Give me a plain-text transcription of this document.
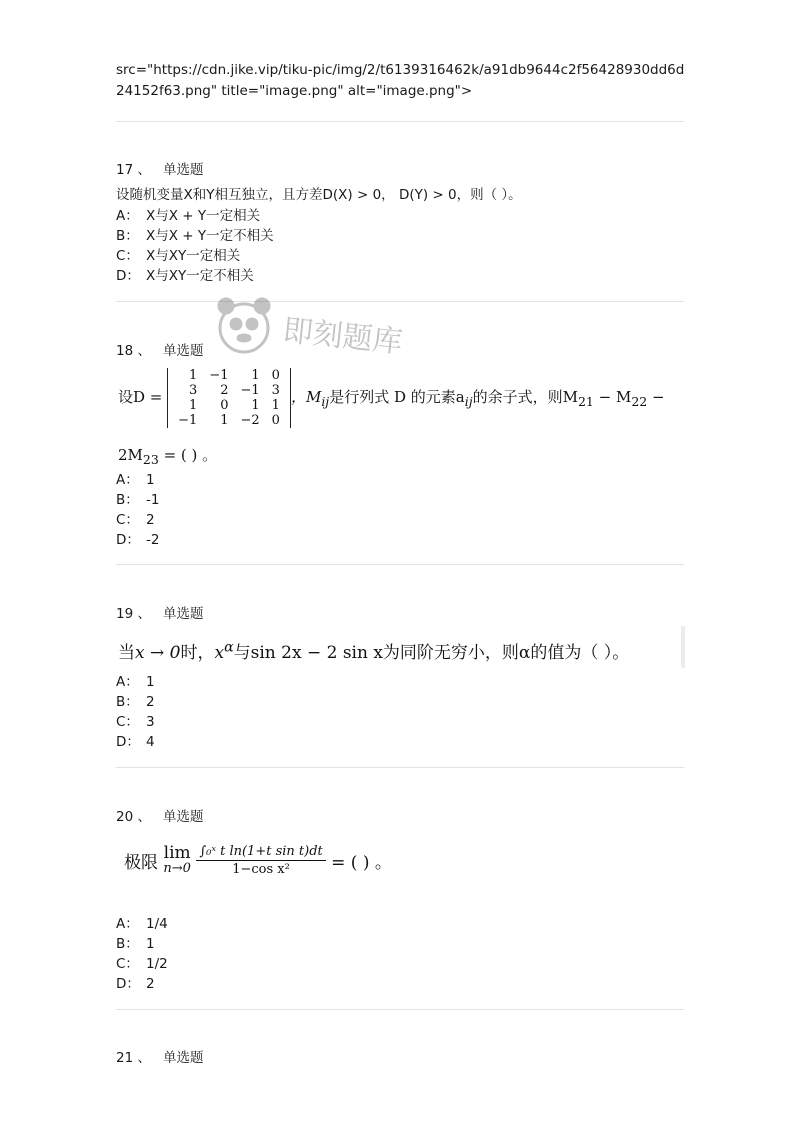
src="https://cdn.jike.vip/tiku-pic/img/2/t6139316462k/a91db9644c2f56428930dd6d24152f63.png" title="image.png" alt="image.png">
17 、 单选题
设随机变量X和Y相互独立，且方差D(X) > 0， D(Y) > 0，则（ ）。
A： X与X + Y一定相关
B： X与X + Y一定不相关
C： X与XY一定相关
D： X与XY一定不相关
即刻题库
18 、 单选题
设D =
1	−1	1	0
3	2	−1	3
1	0	1	1
−1	1	−2	0
，$M_{ij}$是行列式 D 的元素$a_{ij}$的余子式，则$M_{21} - M_{22}$ −
$2M_{23}$ = ( ) 。
A： 1
B： -1
C： 2
D： -2
19 、 单选题
当x → 0时，$x^\alpha$与sin 2x − 2 sin x为同阶无穷小，则α的值为（ ）。
A： 1
B： 2
C： 3
D： 4
20 、 单选题
极限 lim
n→0
$\frac{\text{∫₀ˣ t ln(1+t sin t)dt}}{\text{1−cos x²}}$ = ( ) 。
A： 1/4
B： 1
C： 1/2
D： 2
21 、 单选题
